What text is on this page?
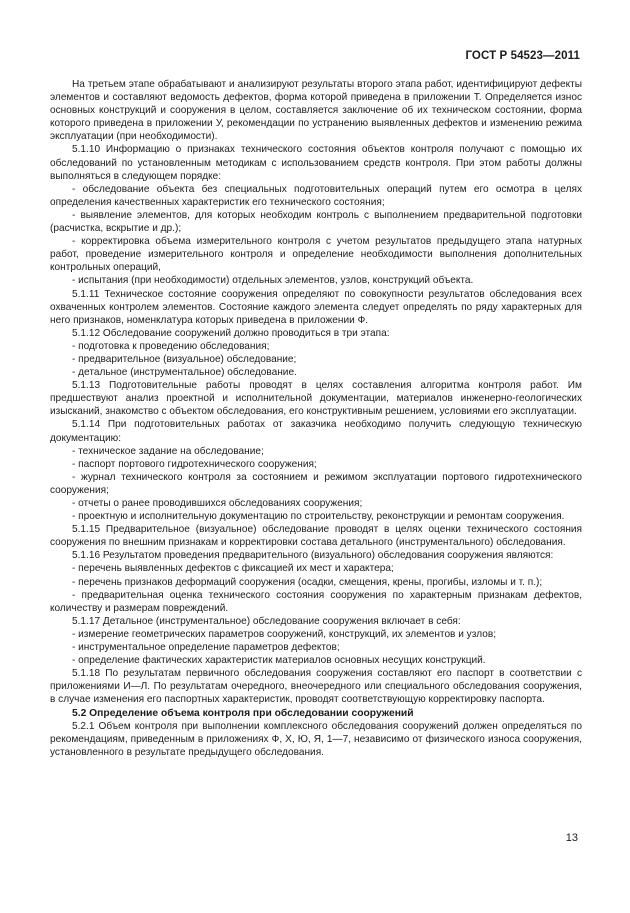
ГОСТ Р 54523—2011

На третьем этапе обрабатывают и анализируют результаты второго этапа работ, идентифицируют дефекты элементов и составляют ведомость дефектов, форма которой приведена в приложении Т. Определяется износ основных конструкций и сооружения в целом, составляется заключение об их техническом состоянии, форма которого приведена в приложении У, рекомендации по устранению выявленных дефектов и изменению режима эксплуатации (при необходимости).

5.1.10 Информацию о признаках технического состояния объектов контроля получают с помощью их обследований по установленным методикам с использованием средств контроля. При этом работы должны выполняться в следующем порядке:

- обследование объекта без специальных подготовительных операций путем его осмотра в целях определения качественных характеристик его технического состояния;

- выявление элементов, для которых необходим контроль с выполнением предварительной подготовки (расчистка, вскрытие и др.);

- корректировка объема измерительного контроля с учетом результатов предыдущего этапа натурных работ, проведение измерительного контроля и определение необходимости выполнения дополнительных контрольных операций,

- испытания (при необходимости) отдельных элементов, узлов, конструкций объекта.

5.1.11 Техническое состояние сооружения определяют по совокупности результатов обследования всех охваченных контролем элементов. Состояние каждого элемента следует определять по ряду характерных для него признаков, номенклатура которых приведена в приложении Ф.

5.1.12 Обследование сооружений должно проводиться в три этапа:

- подготовка к проведению обследования;

- предварительное (визуальное) обследование;

- детальное (инструментальное) обследование.

5.1.13 Подготовительные работы проводят в целях составления алгоритма контроля работ. Им предшествуют анализ проектной и исполнительной документации, материалов инженерно-геологических изысканий, знакомство с объектом обследования, его конструктивным решением, условиями его эксплуатации.

5.1.14 При подготовительных работах от заказчика необходимо получить следующую техническую документацию:

- техническое задание на обследование;

- паспорт портового гидротехнического сооружения;

- журнал технического контроля за состоянием и режимом эксплуатации портового гидротехнического сооружения;

- отчеты о ранее проводившихся обследованиях сооружения;

- проектную и исполнительную документацию по строительству, реконструкции и ремонтам сооружения.

5.1.15 Предварительное (визуальное) обследование проводят в целях оценки технического состояния сооружения по внешним признакам и корректировки состава детального (инструментального) обследования.

5.1.16 Результатом проведения предварительного (визуального) обследования сооружения являются:

- перечень выявленных дефектов с фиксацией их мест и характера;

- перечень признаков деформаций сооружения (осадки, смещения, крены, прогибы, изломы и т. п.);

- предварительная оценка технического состояния сооружения по характерным признакам дефектов, количеству и размерам повреждений.

5.1.17 Детальное (инструментальное) обследование сооружения включает в себя:

- измерение геометрических параметров сооружений, конструкций, их элементов и узлов;

- инструментальное определение параметров дефектов;

- определение фактических характеристик материалов основных несущих конструкций.

5.1.18 По результатам первичного обследования сооружения составляют его паспорт в соответствии с приложениями И—Л. По результатам очередного, внеочередного или специального обследования сооружения, в случае изменения его паспортных характеристик, проводят соответствующую корректировку паспорта.

5.2 Определение объема контроля при обследовании сооружений

5.2.1 Объем контроля при выполнении комплексного обследования сооружений должен определяться по рекомендациям, приведенным в приложениях Ф, Х, Ю, Я, 1—7, независимо от физического износа сооружения, установленного в результате предыдущего обследования.

13
